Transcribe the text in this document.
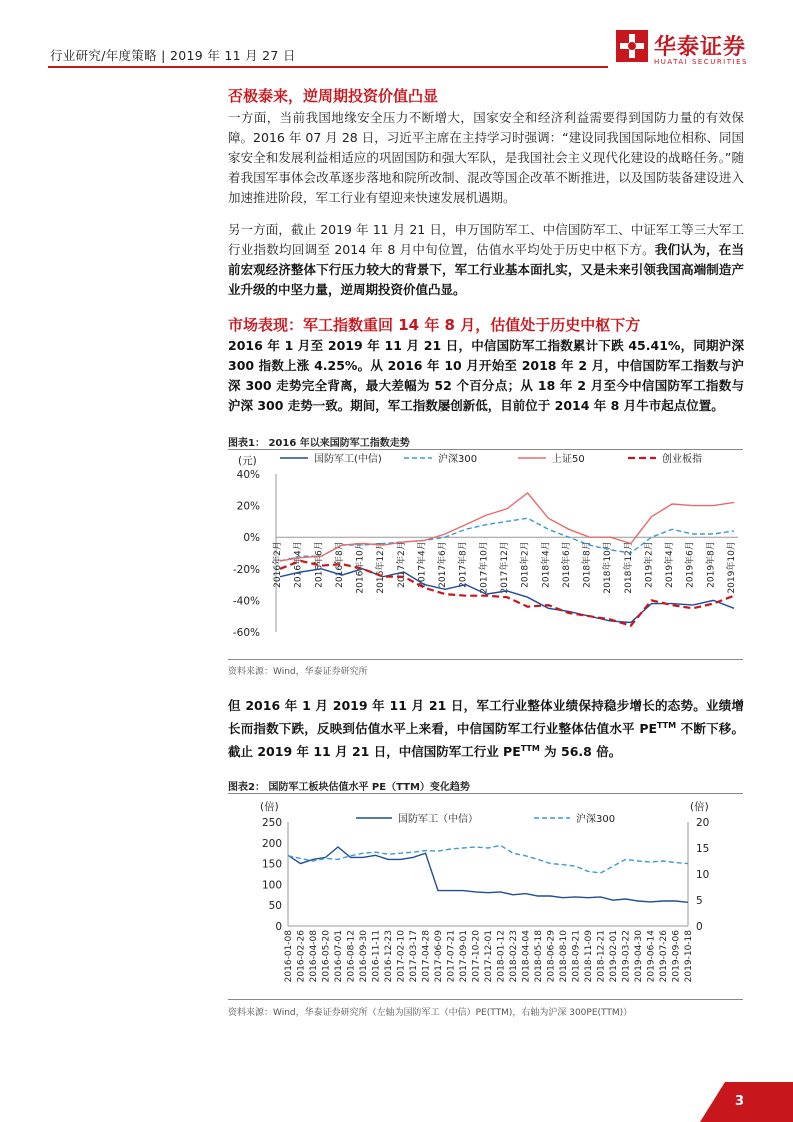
行业研究/年度策略 | 2019 年 11 月 27 日	华泰证券
HUATAI SECURITIES
否极泰来，逆周期投资价值凸显
一方面，当前我国地缘安全压力不断增大，国家安全和经济利益需要得到国防力量的有效保障。2016 年 07 月 28 日，习近平主席在主持学习时强调：“建设同我国国际地位相称、同国家安全和发展利益相适应的巩固国防和强大军队，是我国社会主义现代化建设的战略任务。”随着我国军事体会改革逐步落地和院所改制、混改等国企改革不断推进，以及国防装备建设进入加速推进阶段，军工行业有望迎来快速发展机遇期。
另一方面，截止 2019 年 11 月 21 日，申万国防军工、中信国防军工、中证军工等三大军工行业指数均回调至 2014 年 8 月中旬位置，估值水平均处于历史中枢下方。我们认为，在当前宏观经济整体下行压力较大的背景下，军工行业基本面扎实，又是未来引领我国高端制造产业升级的中坚力量，逆周期投资价值凸显。
市场表现：军工指数重回 14 年 8 月，估值处于历史中枢下方
2016 年 1 月至 2019 年 11 月 21 日，中信国防军工指数累计下跌 45.41%，同期沪深 300 指数上涨 4.25%。从 2016 年 10 月开始至 2018 年 2 月，中信国防军工指数与沪深 300 走势完全背离，最大差幅为 52 个百分点；从 18 年 2 月至今中信国防军工指数与沪深 300 走势一致。期间，军工指数屡创新低，目前位于 2014 年 8 月牛市起点位置。
图表1： 2016 年以来国防军工指数走势
(元)
40%
20%
0%
-20%
-40%
-60%
2016年2月 2016年4月 2016年6月 2016年8月 2016年10月 2016年12月 2017年2月 2017年4月 2017年6月 2017年8月 2017年10月 2017年12月 2018年2月 2018年4月 2018年6月 2018年8月 2018年10月 2018年12月 2019年2月 2019年4月 2019年6月 2019年8月 2019年10月
国防军工(中信)	沪深300	上证50	创业板指
资料来源：Wind，华泰证券研究所
但 2016 年 1 月 2019 年 11 月 21 日，军工行业整体业绩保持稳步增长的态势。业绩增长而指数下跌，反映到估值水平上来看，中信国防军工行业整体估值水平 $PE^{TTM}$ 不断下移。截止 2019 年 11 月 21 日，中信国防军工行业 $PE^{TTM}$ 为 56.8 倍。
图表2： 国防军工板块估值水平 PE（TTM）变化趋势
(倍)	(倍)
0
50
100
150
200
250
0
5
10
15
20
2016-01-08 2016-02-26 2016-04-08 2016-05-20 2016-07-01 2016-08-12 2016-09-30 2016-11-11 2016-12-23 2017-02-10 2017-03-17 2017-04-28 2017-06-09 2017-07-21 2017-09-01 2017-10-20 2017-12-01 2018-01-12 2018-02-23 2018-04-04 2018-05-18 2018-06-29 2018-08-10 2018-09-21 2018-11-09 2018-12-21 2019-02-01 2019-03-22 2019-04-30 2019-06-14 2019-07-26 2019-09-06 2019-10-18
国防军工（中信）	沪深300
资料来源：Wind，华泰证券研究所（左轴为国防军工（中信）PE(TTM)，右轴为沪深 300PE(TTM)）
3
